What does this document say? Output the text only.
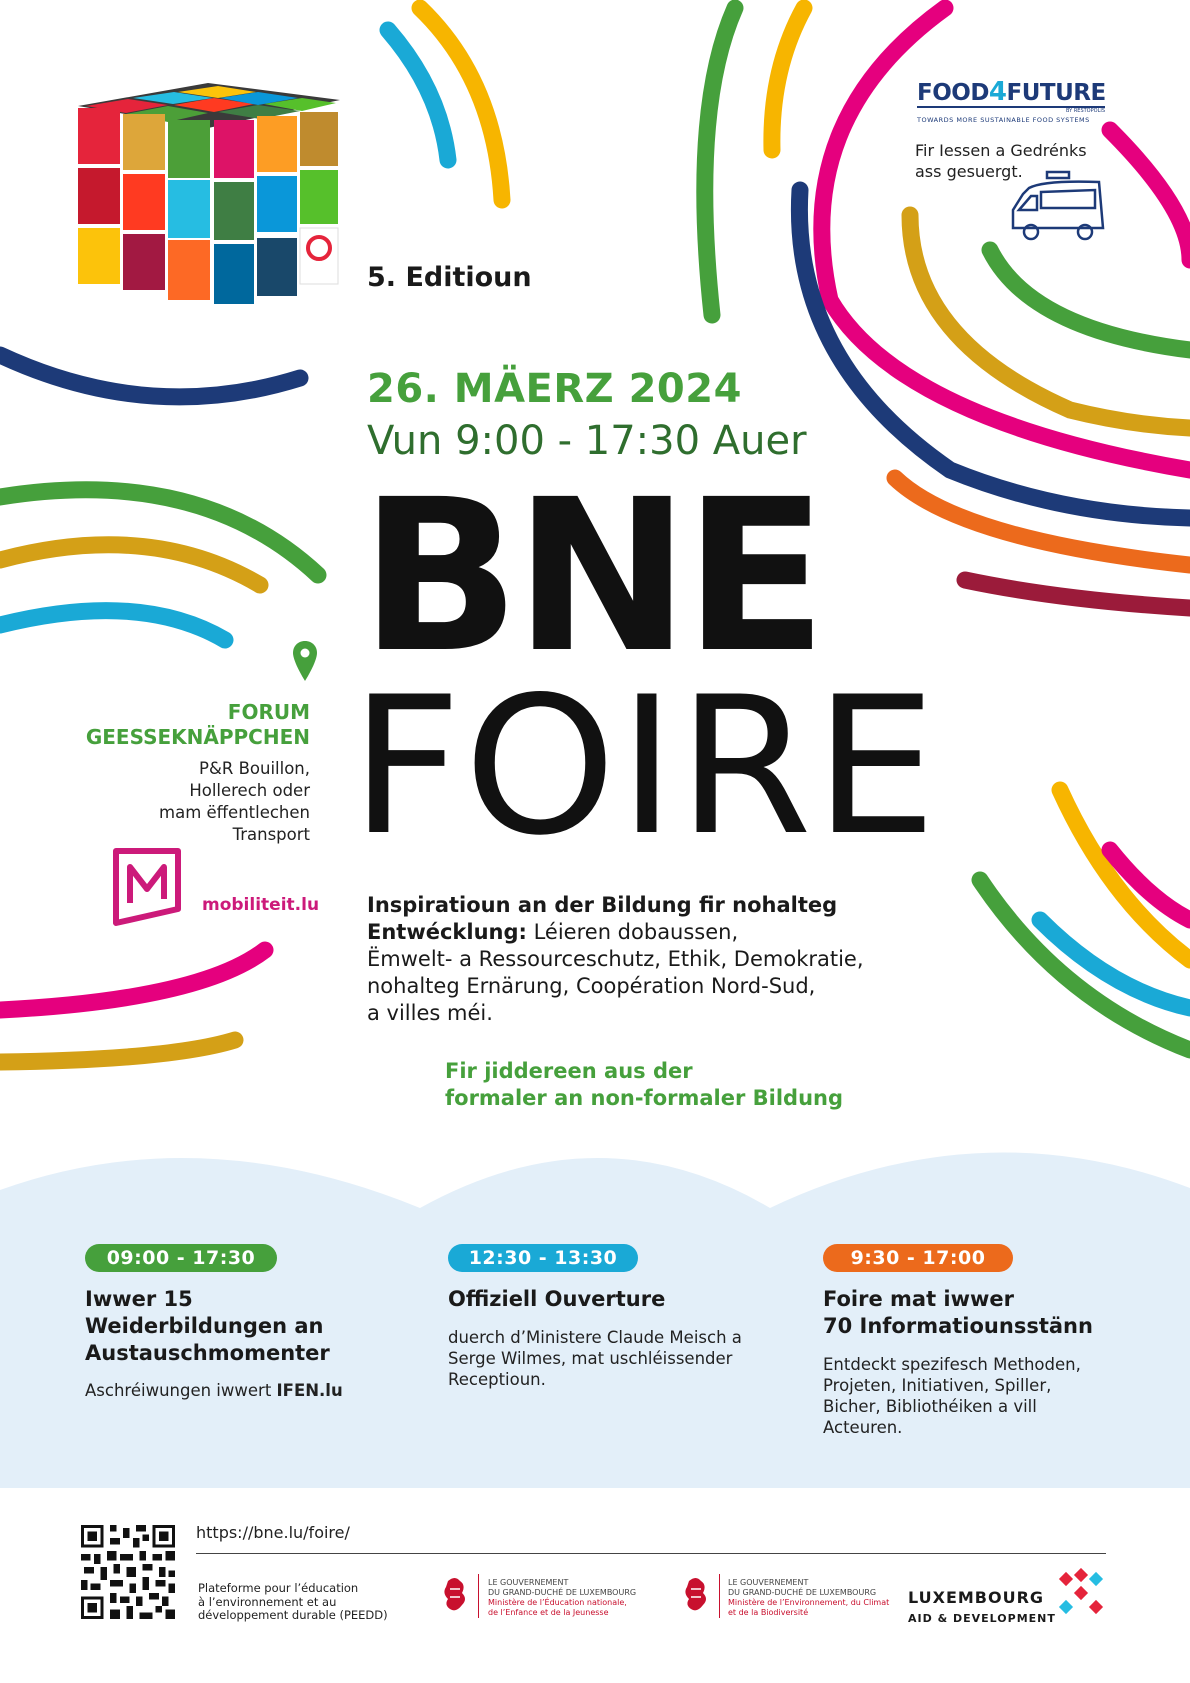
5. Editioun
26. MÄERZ 2024
Vun 9:00 - 17:30 Auer
BNE
FOIRE
FOOD4FUTURE
BY RESTOPOLIS
TOWARDS MORE SUSTAINABLE FOOD SYSTEMS
Fir Iessen a Gedrénks
ass gesuergt.
FORUM
GEESSEKNÄPPCHEN
P&R Bouillon,
Hollerech oder
mam ëffentlechen
Transport
mobiliteit.lu Inspiratioun an der Bildung fir nohalteg
Entwécklung: Léieren dobaussen,
Ëmwelt- a Ressourceschutz, Ethik, Demokratie,
nohalteg Ernärung, Coopération Nord-Sud,
a villes méi.
Fir jiddereen aus der
formaler an non-formaler Bildung
09:00 - 17:30
Iwwer 15
Weiderbildungen an
Austauschmomenter
Aschréiwungen iwwert IFEN.lu
12:30 - 13:30
Offiziell Ouverture
duerch d’Ministere Claude Meisch a
Serge Wilmes, mat uschléissender
Receptioun.
9:30 - 17:00
Foire mat iwwer
70 Informatiounsstänn
Entdeckt spezifesch Methoden,
Projeten, Initiativen, Spiller,
Bicher, Bibliothéiken a vill
Acteuren.
https://bne.lu/foire/
Plateforme pour l’éducation
à l’environnement et au
développement durable (PEEDD)
LE GOUVERNEMENT
DU GRAND-DUCHÉ DE LUXEMBOURG
Ministère de l’Éducation nationale,
de l’Enfance et de la Jeunesse
LE GOUVERNEMENT
DU GRAND-DUCHÉ DE LUXEMBOURG
Ministère de l’Environnement, du Climat
et de la Biodiversité
LUXEMBOURG
AID & DEVELOPMENT
